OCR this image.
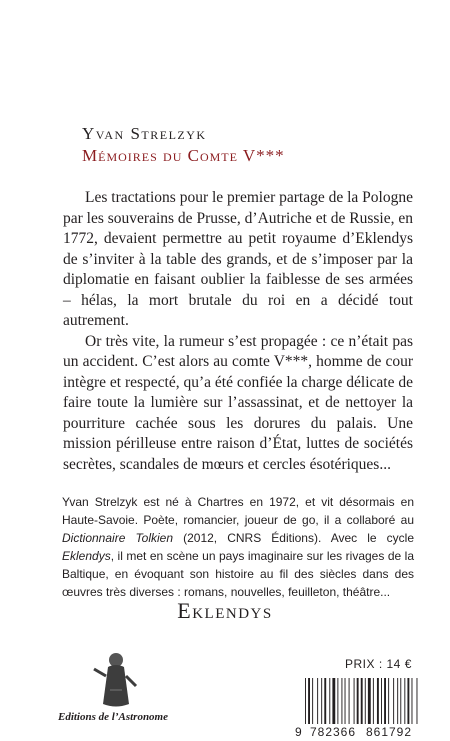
Yvan Strelzyk
Mémoires du Comte V***

Les tractations pour le premier partage de la Pologne par les souverains de Prusse, d’Autriche et de Russie, en 1772, devaient permettre au petit royaume d’Eklendys de s’inviter à la table des grands, et de s’imposer par la diplomatie en faisant oublier la faiblesse de ses armées – hélas, la mort brutale du roi en a décidé tout autrement.

Or très vite, la rumeur s’est propagée : ce n’était pas un accident. C’est alors au comte V***, homme de cour intègre et respecté, qu’a été confiée la charge délicate de faire toute la lumière sur l’assassinat, et de nettoyer la pourriture cachée sous les dorures du palais. Une mission périlleuse entre raison d’État, luttes de sociétés secrètes, scandales de mœurs et cercles ésotériques...

Yvan Strelzyk est né à Chartres en 1972, et vit désormais en Haute-Savoie. Poète, romancier, joueur de go, il a collaboré au Dictionnaire Tolkien (2012, CNRS Éditions). Avec le cycle Eklendys, il met en scène un pays imaginaire sur les rivages de la Baltique, en évoquant son histoire au fil des siècles dans des œuvres très diverses : romans, nouvelles, feuilleton, théâtre...
Eklendys
Editions de l’Astronome
PRIX : 14 €
9 782366 861792
